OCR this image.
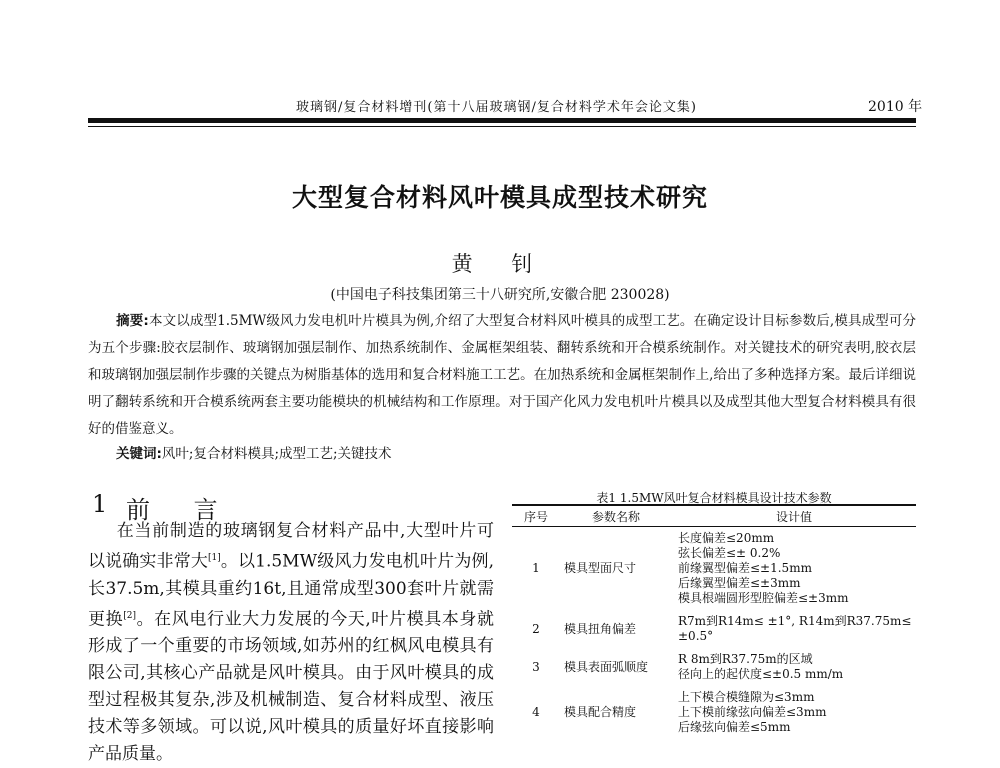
玻璃钢/复合材料增刊(第十八届玻璃钢/复合材料学术年会论文集)	2010 年
大型复合材料风叶模具成型技术研究
黄 钊
(中国电子科技集团第三十八研究所,安徽合肥 230028)
摘要:本文以成型1.5MW级风力发电机叶片模具为例,介绍了大型复合材料风叶模具的成型工艺。在确定设计目标参数后,模具成型可分为五个步骤:胶衣层制作、玻璃钢加强层制作、加热系统制作、金属框架组装、翻转系统和开合模系统制作。对关键技术的研究表明,胶衣层和玻璃钢加强层制作步骤的关键点为树脂基体的选用和复合材料施工工艺。在加热系统和金属框架制作上,给出了多种选择方案。最后详细说明了翻转系统和开合模系统两套主要功能模块的机械结构和工作原理。对于国产化风力发电机叶片模具以及成型其他大型复合材料模具有很好的借鉴意义。
关键词:风叶;复合材料模具;成型工艺;关键技术
1 前 言
在当前制造的玻璃钢复合材料产品中,大型叶片可以说确实非常大[1]。以1.5MW级风力发电机叶片为例,长37.5m,其模具重约16t,且通常成型300套叶片就需更换[2]。在风电行业大力发展的今天,叶片模具本身就形成了一个重要的市场领域,如苏州的红枫风电模具有限公司,其核心产品就是风叶模具。由于风叶模具的成型过程极其复杂,涉及机械制造、复合材料成型、液压技术等多领域。可以说,风叶模具的质量好坏直接影响产品质量。
表1 1.5MW风叶复合材料模具设计技术参数
序号	参数名称	设计值
1	模具型面尺寸	长度偏差≤20mm
弦长偏差≤± 0.2%
前缘翼型偏差≤±1.5mm
后缘翼型偏差≤±3mm
模具根端圆形型腔偏差≤±3mm

2	模具扭角偏差	R7m到R14m≤ ±1°, R14m到R37.75m≤
±0.5°

3	模具表面弧顺度	R 8m到R37.75m的区域
径向上的起伏度≤±0.5 mm/m

4	模具配合精度	上下模合模缝隙为≤3mm
上下模前缘弦向偏差≤3mm
后缘弦向偏差≤5mm
